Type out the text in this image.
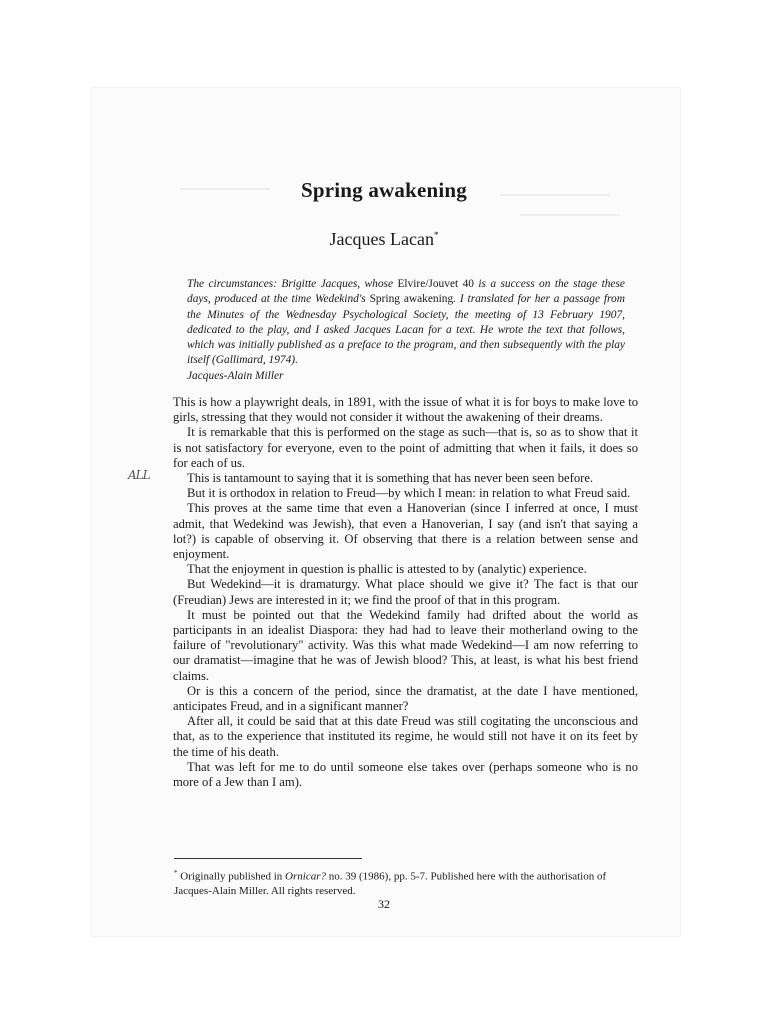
Spring awakening
Jacques Lacan*
The circumstances: Brigitte Jacques, whose Elvire/Jouvet 40 is a success on the stage these days, produced at the time Wedekind's Spring awakening. I translated for her a passage from the Minutes of the Wednesday Psychological Society, the meeting of 13 February 1907, dedicated to the play, and I asked Jacques Lacan for a text. He wrote the text that follows, which was initially published as a preface to the program, and then subsequently with the play itself (Gallimard, 1974).
Jacques-Alain Miller

This is how a playwright deals, in 1891, with the issue of what it is for boys to make love to girls, stressing that they would not consider it without the awakening of their dreams.

It is remarkable that this is performed on the stage as such—that is, so as to show that it is not satisfactory for everyone, even to the point of admitting that when it fails, it does so for each of us.

This is tantamount to saying that it is something that has never been seen before.

But it is orthodox in relation to Freud—by which I mean: in relation to what Freud said.

This proves at the same time that even a Hanoverian (since I inferred at once, I must admit, that Wedekind was Jewish), that even a Hanoverian, I say (and isn't that saying a lot?) is capable of observing it. Of observing that there is a relation between sense and enjoyment.

That the enjoyment in question is phallic is attested to by (analytic) experience.

But Wedekind—it is dramaturgy. What place should we give it? The fact is that our (Freudian) Jews are interested in it; we find the proof of that in this program.

It must be pointed out that the Wedekind family had drifted about the world as participants in an idealist Diaspora: they had had to leave their motherland owing to the failure of "revolutionary" activity. Was this what made Wedekind—I am now referring to our dramatist—imagine that he was of Jewish blood? This, at least, is what his best friend claims.

Or is this a concern of the period, since the dramatist, at the date I have mentioned, anticipates Freud, and in a significant manner?

After all, it could be said that at this date Freud was still cogitating the unconscious and that, as to the experience that instituted its regime, he would still not have it on its feet by the time of his death.

That was left for me to do until someone else takes over (perhaps someone who is no more of a Jew than I am).

ALL
* Originally published in Ornicar? no. 39 (1986), pp. 5-7. Published here with the authorisation of Jacques-Alain Miller. All rights reserved.
32
